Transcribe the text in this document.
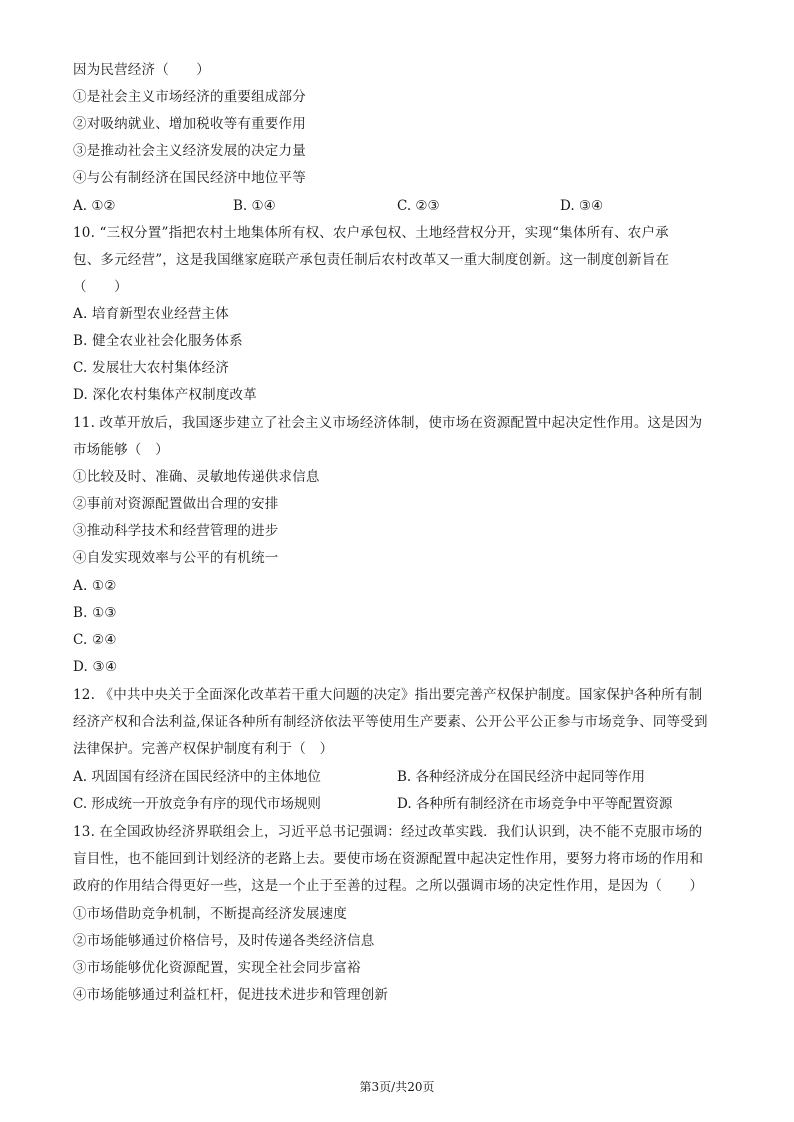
因为民营经济（　　）
①是社会主义市场经济的重要组成部分
②对吸纳就业、增加税收等有重要作用
③是推动社会主义经济发展的决定力量
④与公有制经济在国民经济中地位平等
A. ①②	B. ①④	C. ②③	D. ③④
10. “三权分置”指把农村土地集体所有权、农户承包权、土地经营权分开，实现“集体所有、农户承
包、多元经营”，这是我国继家庭联产承包责任制后农村改革又一重大制度创新。这一制度创新旨在
（　　）
A. 培育新型农业经营主体
B. 健全农业社会化服务体系
C. 发展壮大农村集体经济
D. 深化农村集体产权制度改革
11. 改革开放后，我国逐步建立了社会主义市场经济体制，使市场在资源配置中起决定性作用。这是因为
市场能够（　）
①比较及时、准确、灵敏地传递供求信息
②事前对资源配置做出合理的安排
③推动科学技术和经营管理的进步
④自发实现效率与公平的有机统一
A. ①②
B. ①③
C. ②④
D. ③④
12. 《中共中央关于全面深化改革若干重大问题的决定》指出要完善产权保护制度。国家保护各种所有制
经济产权和合法利益,保证各种所有制经济依法平等使用生产要素、公开公平公正参与市场竞争、同等受到
法律保护。完善产权保护制度有利于（　）
A. 巩固国有经济在国民经济中的主体地位	B. 各种经济成分在国民经济中起同等作用
C. 形成统一开放竞争有序的现代市场规则	D. 各种所有制经济在市场竞争中平等配置资源
13. 在全国政协经济界联组会上，习近平总书记强调：经过改革实践．我们认识到，决不能不克服市场的
盲目性，也不能回到计划经济的老路上去。要使市场在资源配置中起决定性作用，要努力将市场的作用和
政府的作用结合得更好一些，这是一个止于至善的过程。之所以强调市场的决定性作用，是因为（　　）
①市场借助竞争机制，不断提高经济发展速度
②市场能够通过价格信号，及时传递各类经济信息
③市场能够优化资源配置，实现全社会同步富裕
④市场能够通过利益杠杆，促进技术进步和管理创新
第3页/共20页
